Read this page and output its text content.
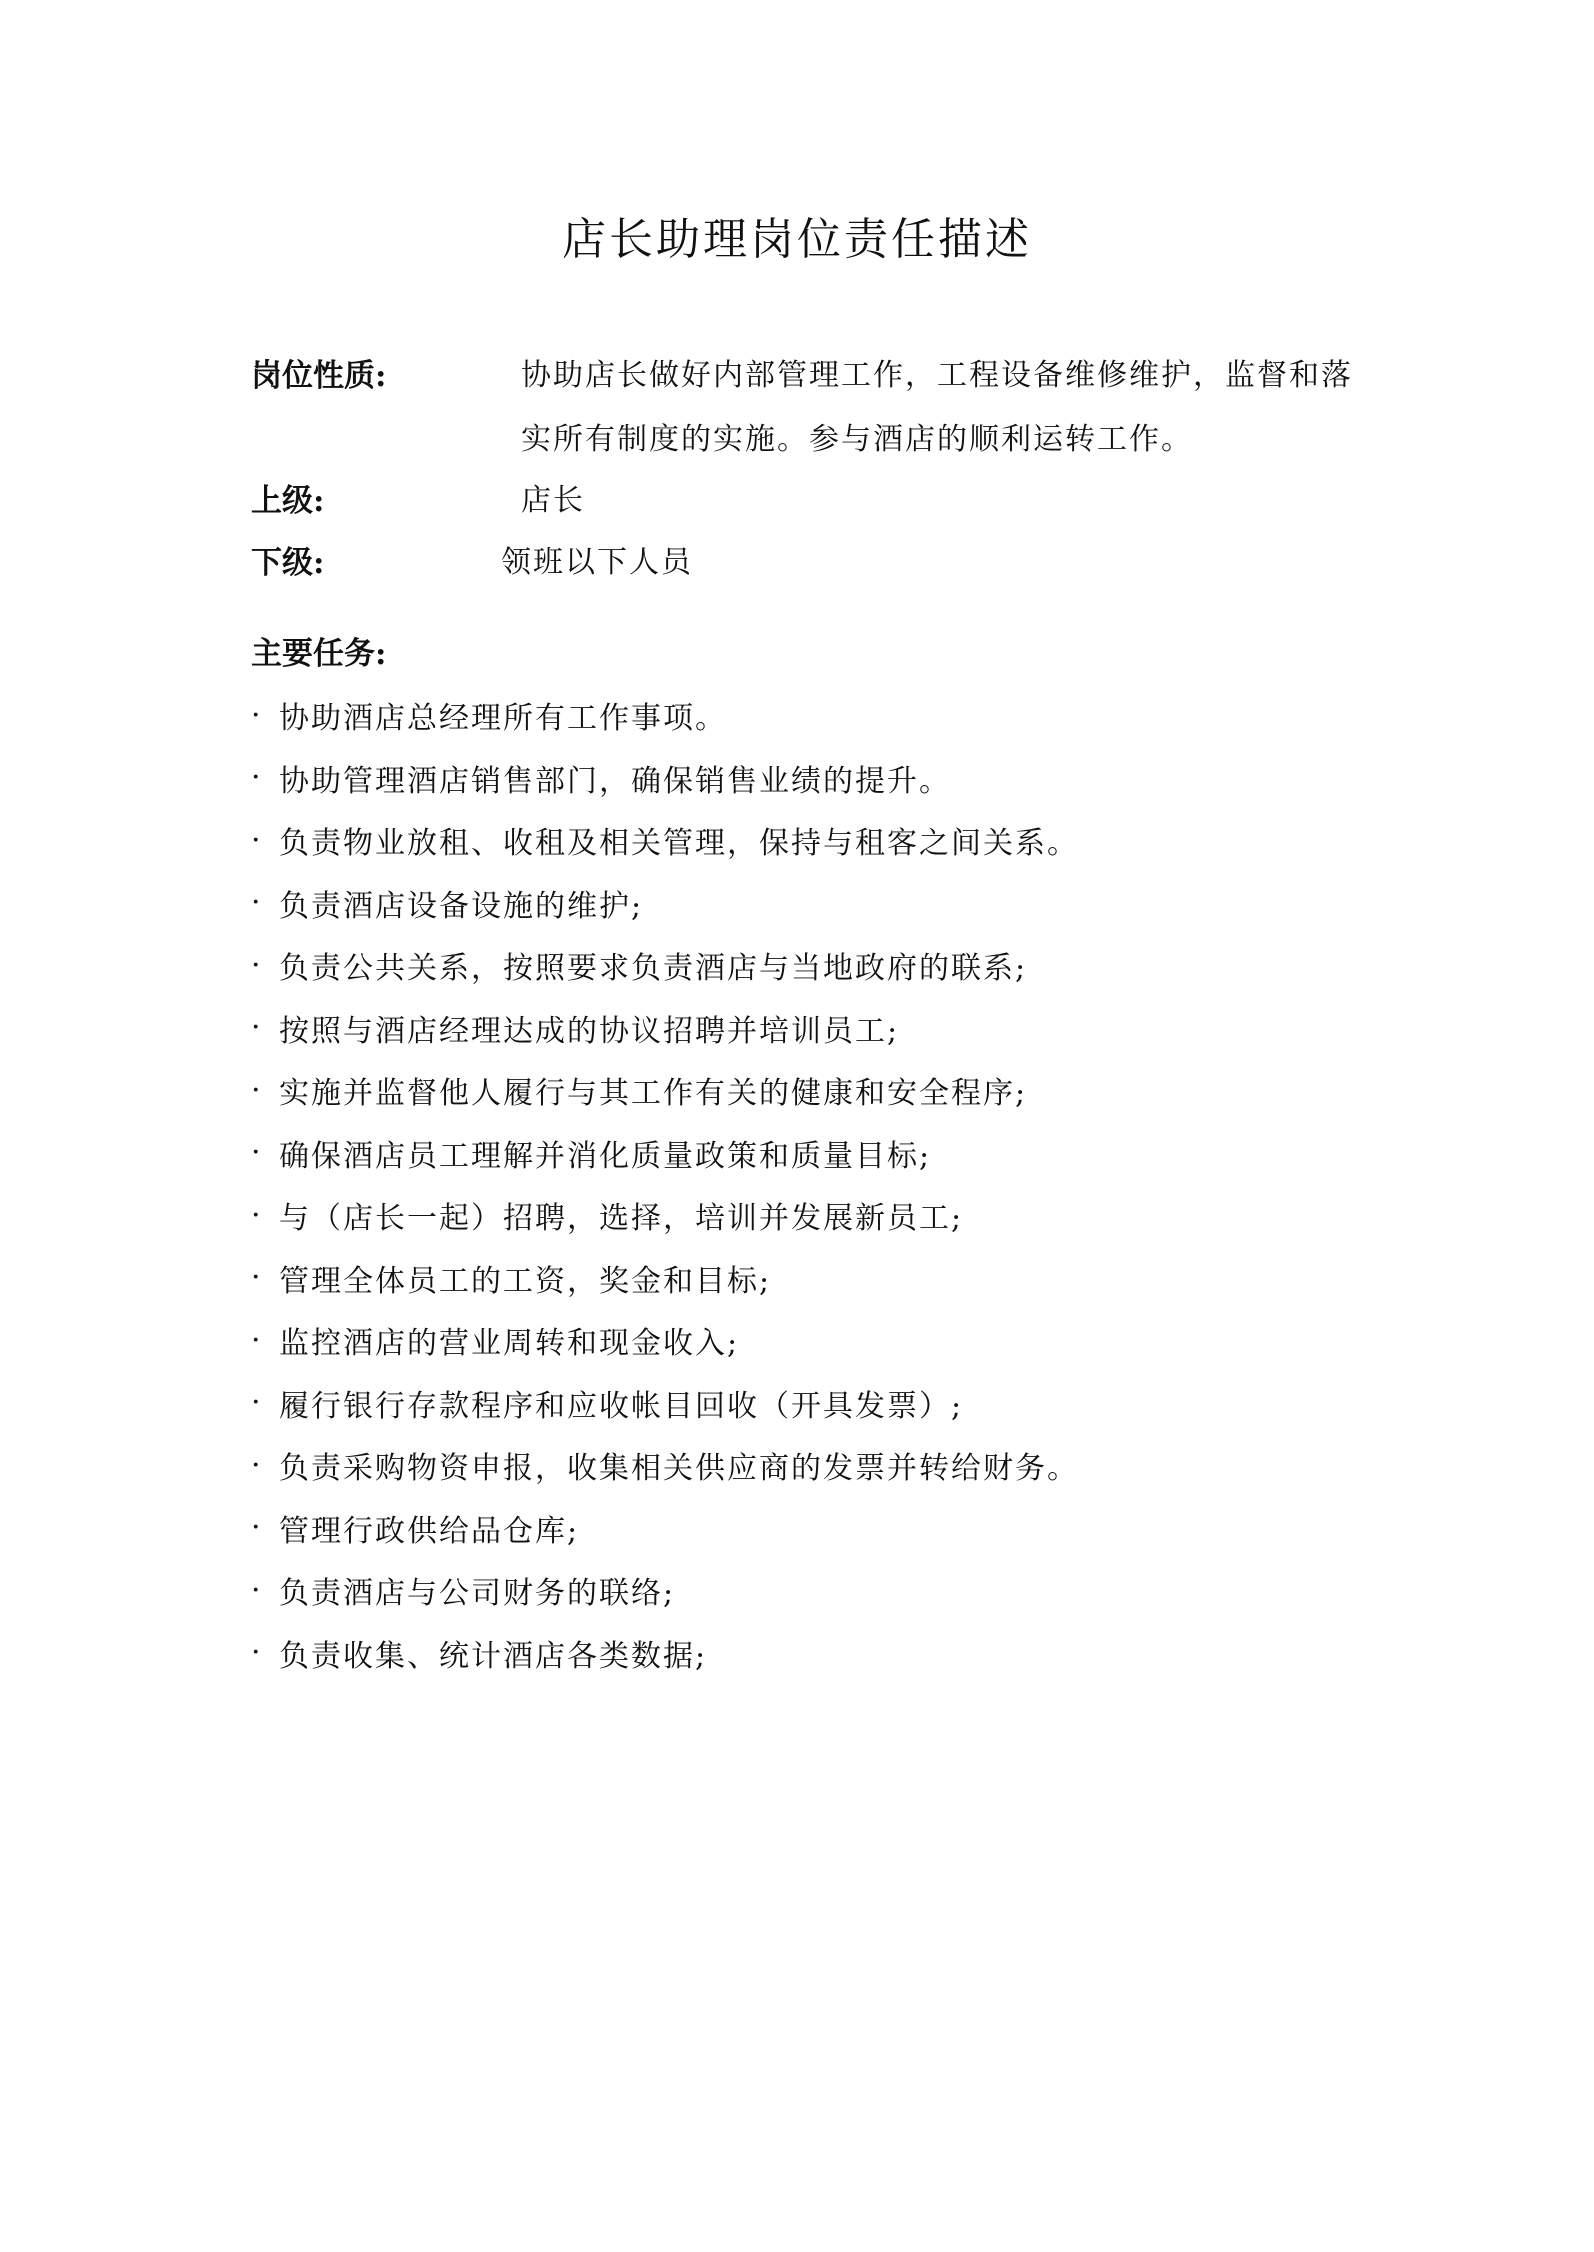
店长助理岗位责任描述
岗位性质:	协助店长做好内部管理工作，工程设备维修维护，监督和落
实所有制度的实施。参与酒店的顺利运转工作。
上级:	店长
下级:	领班以下人员
主要任务:
· 协助酒店总经理所有工作事项。
· 协助管理酒店销售部门，确保销售业绩的提升。
· 负责物业放租、收租及相关管理，保持与租客之间关系。
· 负责酒店设备设施的维护;
· 负责公共关系，按照要求负责酒店与当地政府的联系;
· 按照与酒店经理达成的协议招聘并培训员工;
· 实施并监督他人履行与其工作有关的健康和安全程序;
· 确保酒店员工理解并消化质量政策和质量目标;
· 与（店长一起）招聘，选择，培训并发展新员工;
· 管理全体员工的工资，奖金和目标;
· 监控酒店的营业周转和现金收入;
· 履行银行存款程序和应收帐目回收（开具发票）;
· 负责采购物资申报，收集相关供应商的发票并转给财务。
· 管理行政供给品仓库;
· 负责酒店与公司财务的联络;
· 负责收集、统计酒店各类数据;
